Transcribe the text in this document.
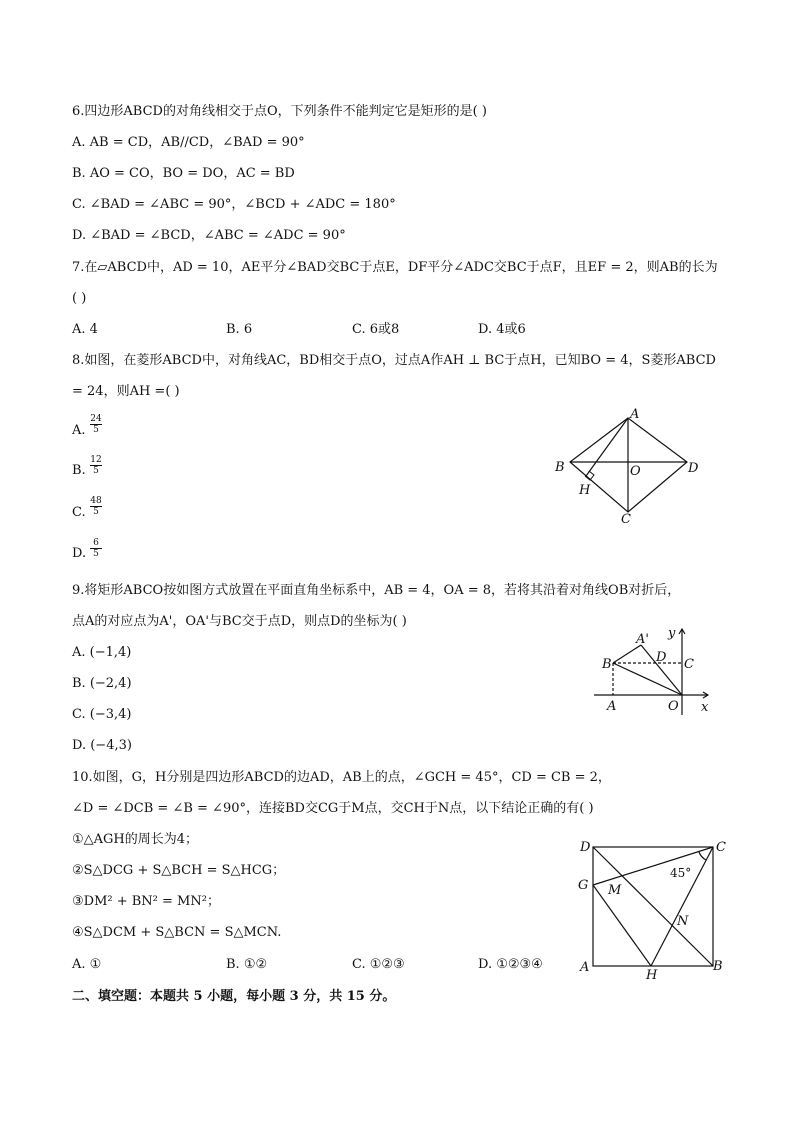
6.四边形ABCD的对角线相交于点O，下列条件不能判定它是矩形的是( )
A. AB = CD，AB//CD，∠BAD = 90°
B. AO = CO，BO = DO，AC = BD
C. ∠BAD = ∠ABC = 90°，∠BCD + ∠ADC = 180°
D. ∠BAD = ∠BCD，∠ABC = ∠ADC = 90°
7.在▱ABCD中，AD = 10，AE平分∠BAD交BC于点E，DF平分∠ADC交BC于点F，且EF = 2，则AB的长为
( )
A. 4	B. 6	C. 6或8	D. 4或6
8.如图，在菱形ABCD中，对角线AC，BD相交于点O，过点A作AH ⊥ BC于点H，已知BO = 4，S菱形ABCD
= 24，则AH =( )
A.
24
5
B.
12
5
C.
48
5
D.
6
5
A
B	O	D
H
C
9.将矩形ABCO按如图方式放置在平面直角坐标系中，AB = 4，OA = 8，若将其沿着对角线OB对折后，
点A的对应点为A'，OA'与BC交于点D，则点D的坐标为( )
A. (−1,4)
B. (−2,4)
C. (−3,4)
D. (−4,3)
A' y
B	D C
A	O x
10.如图，G，H分别是四边形ABCD的边AD，AB上的点，∠GCH = 45°，CD = CB = 2，
∠D = ∠DCB = ∠B = ∠90°，连接BD交CG于M点，交CH于N点，以下结论正确的有( )
①△AGH的周长为4；
②S△DCG + S△BCH = S△HCG；
③DM² + BN² = MN²；
④S△DCM + S△BCN = S△MCN.
A. ①	B. ①②	C. ①②③	D. ①②③④
D	C
G M
45°
N
A
H
B
二、填空题：本题共 5 小题，每小题 3 分，共 15 分。
